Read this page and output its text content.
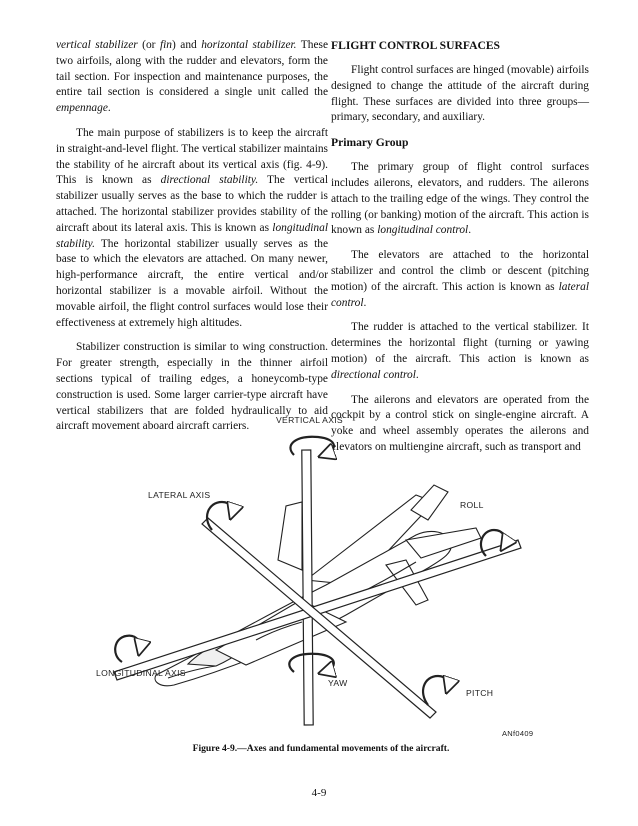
vertical stabilizer (or fin) and horizontal stabilizer. These two airfoils, along with the rudder and elevators, form the tail section. For inspection and maintenance purposes, the entire tail section is considered a single unit called the empennage.

The main purpose of stabilizers is to keep the aircraft in straight-and-level flight. The vertical stabilizer maintains the stability of he aircraft about its vertical axis (fig. 4-9). This is known as directional stability. The vertical stabilizer usually serves as the base to which the rudder is attached. The horizontal stabilizer provides stability of the aircraft about its lateral axis. This is known as longitudinal stability. The horizontal stabilizer usually serves as the base to which the elevators are attached. On many newer, high-performance aircraft, the entire vertical and/or horizontal stabilizer is a movable airfoil. Without the movable airfoil, the flight control surfaces would lose their effectiveness at extremely high altitudes.

Stabilizer construction is similar to wing construction. For greater strength, especially in the thinner airfoil sections typical of trailing edges, a honeycomb-type construction is used. Some larger carrier-type aircraft have vertical stabilizers that are folded hydraulically to aid aircraft movement aboard aircraft carriers.

FLIGHT CONTROL SURFACES

Flight control surfaces are hinged (movable) airfoils designed to change the attitude of the aircraft during flight. These surfaces are divided into three groups—primary, secondary, and auxiliary.

Primary Group

The primary group of flight control surfaces includes ailerons, elevators, and rudders. The ailerons attach to the trailing edge of the wings. They control the rolling (or banking) motion of the aircraft. This action is known as longitudinal control.

The elevators are attached to the horizontal stabilizer and control the climb or descent (pitching motion) of the aircraft. This action is known as lateral control.

The rudder is attached to the vertical stabilizer. It determines the horizontal flight (turning or yawing motion) of the aircraft. This action is known as directional control.

The ailerons and elevators are operated from the cockpit by a control stick on single-engine aircraft. A yoke and wheel assembly operates the ailerons and elevators on multiengine aircraft, such as transport and

VERTICAL AXIS
LATERAL AXIS
ROLL
LONGITUDINAL AXIS
YAW
PITCH
ANf0409
Figure 4-9.—Axes and fundamental movements of the aircraft.
4-9
